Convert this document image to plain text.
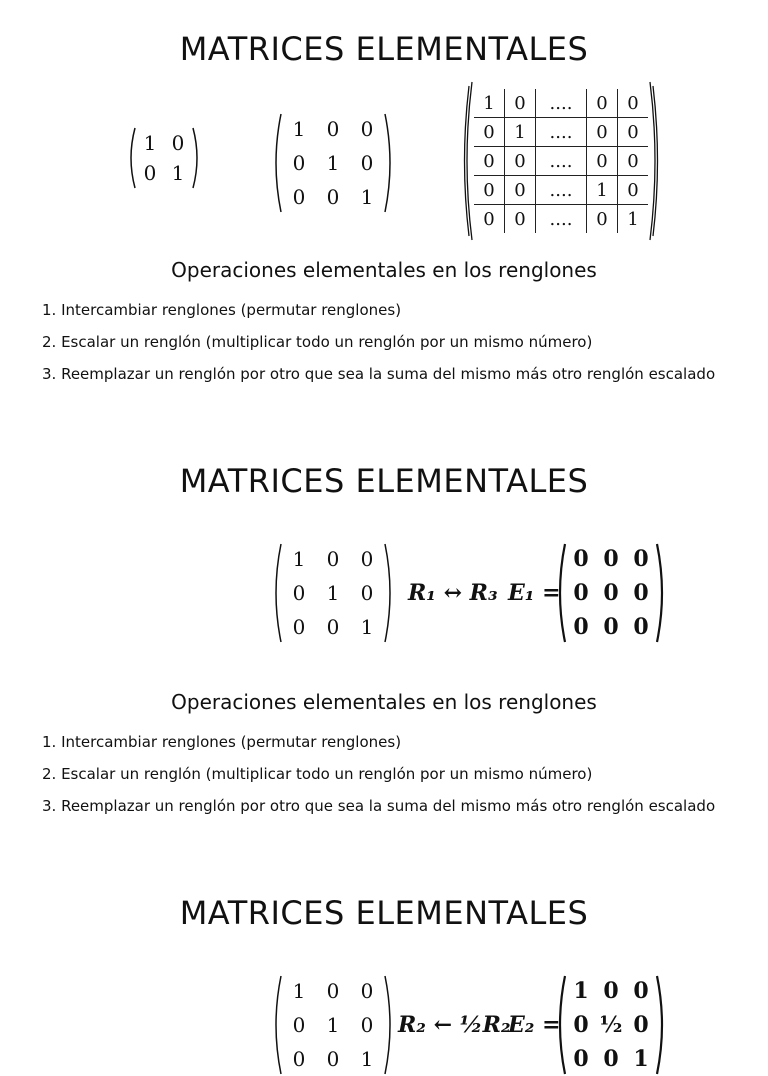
MATRICES ELEMENTALES
1 0
0 1
1	0	0
0	1	0
0	0	1
1	0	....	0	0
0	1	....	0	0
0	0	....	0	0
0	0	....	1	0
0	0	....	0	1
Operaciones elementales en los renglones
1. Intercambiar renglones (permutar renglones)
2. Escalar un renglón (multiplicar todo un renglón por un mismo número)
3. Reemplazar un renglón por otro que sea la suma del mismo más otro renglón escalado
MATRICES ELEMENTALES
1	0	0
0	1	0
0	0	1
R₁ ↔ R₃ E₁ =
0 0 0
0 0 0
0 0 0
Operaciones elementales en los renglones
1. Intercambiar renglones (permutar renglones)
2. Escalar un renglón (multiplicar todo un renglón por un mismo número)
3. Reemplazar un renglón por otro que sea la suma del mismo más otro renglón escalado
MATRICES ELEMENTALES
1	0	0
0	1	0
0	0	1
R₂ ← ½R₂
E₂ =
1 0 0
0 ½ 0
0 0 1
